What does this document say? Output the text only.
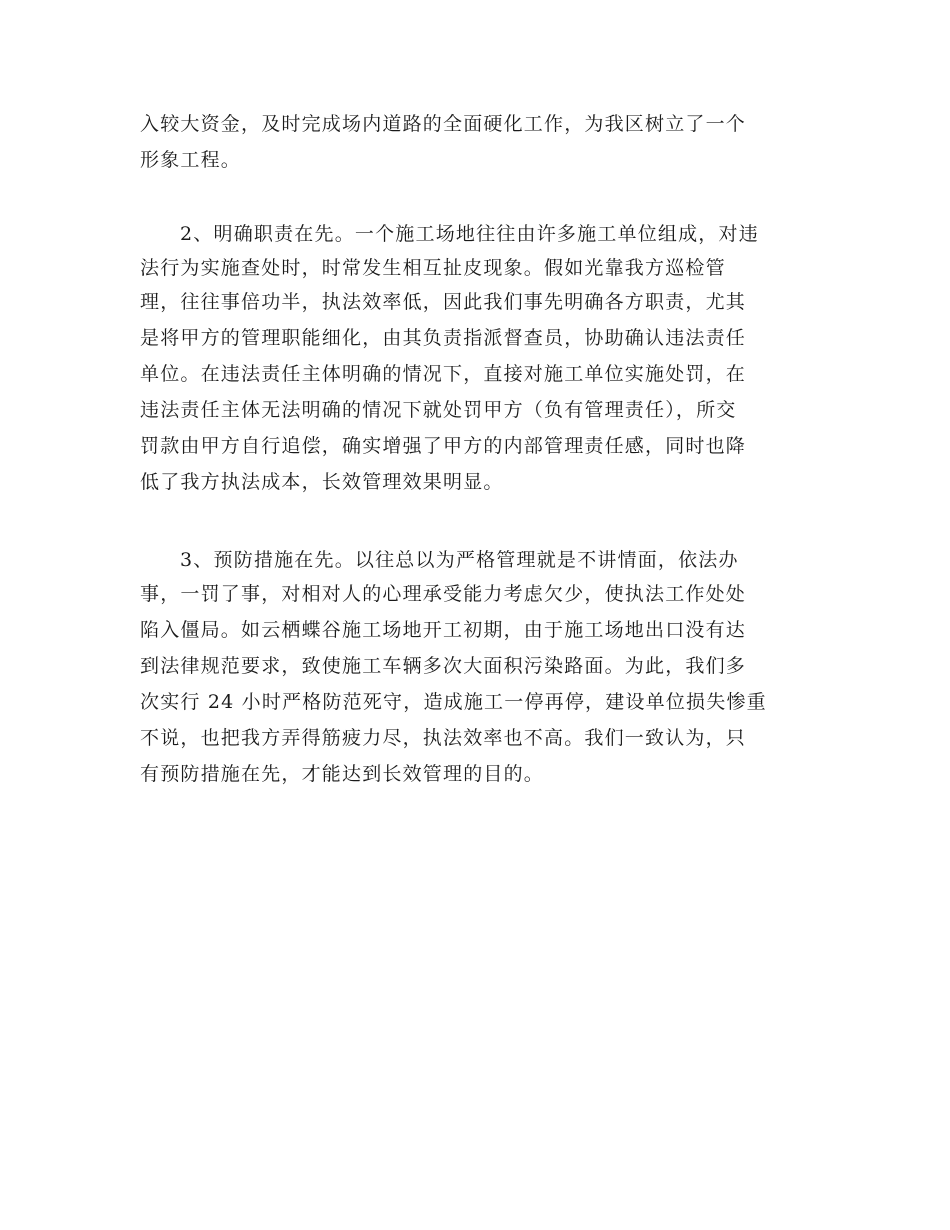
入较大资金，及时完成场内道路的全面硬化工作，为我区树立了一个
形象工程。
2、明确职责在先。一个施工场地往往由许多施工单位组成，对违
法行为实施查处时，时常发生相互扯皮现象。假如光靠我方巡检管
理，往往事倍功半，执法效率低，因此我们事先明确各方职责，尤其
是将甲方的管理职能细化，由其负责指派督查员，协助确认违法责任
单位。在违法责任主体明确的情况下，直接对施工单位实施处罚，在
违法责任主体无法明确的情况下就处罚甲方（负有管理责任），所交
罚款由甲方自行追偿，确实增强了甲方的内部管理责任感，同时也降
低了我方执法成本，长效管理效果明显。
3、预防措施在先。以往总以为严格管理就是不讲情面，依法办
事，一罚了事，对相对人的心理承受能力考虑欠少，使执法工作处处
陷入僵局。如云栖蝶谷施工场地开工初期，由于施工场地出口没有达
到法律规范要求，致使施工车辆多次大面积污染路面。为此，我们多
次实行 24 小时严格防范死守，造成施工一停再停，建设单位损失惨重
不说，也把我方弄得筋疲力尽，执法效率也不高。我们一致认为，只
有预防措施在先，才能达到长效管理的目的。
